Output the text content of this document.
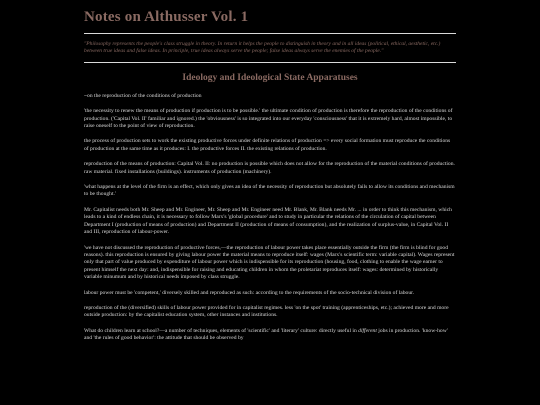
Notes on Althusser Vol. 1

"Philosophy represents the people's class struggle in theory. In return it helps the people to distinguish in theory and in all ideas (political, ethical, aesthetic, etc.) between true ideas and false ideas. In principle, true ideas always serve the people; false ideas always serve the enemies of the people."

Ideology and Ideological State Apparatuses

~on the reproduction of the conditions of production

'the necessity to renew the means of production if production is to be possible.' the ultimate condition of production is therefore the reproduction of the conditions of production. ('Capital Vol. II' familiar and ignored.) the 'obviousness' is so integrated into our everyday 'consciousness' that it is extremely hard, almost impossible, to raise oneself to the point of view of reproduction.

the process of production sets to work the existing productive forces under definite relations of production => every social formation must reproduce the conditions of production at the same time as it produces: I. the productive forces II. the existing relations of production.

reproduction of the means of production: Capital Vol. II: no production is possible which does not allow for the reproduction of the material conditions of production. raw material. fixed installations (buildings). instruments of production (machinery).

'what happens at the level of the firm is an effect, which only gives an idea of the necessity of reproduction but absolutely fails to allow its conditions and mechanism to be thought.'

Mr. Capitalist needs both Mr. Sheep and Mr. Engineer, Mr. Sheep and Mr. Engineer need Mr. Blank, Mr. Blank needs Mr. ... in order to think this mechanism, which leads to a kind of endless chain, it is necessary to follow Marx's 'global procedure' and to study in particular the relations of the circulation of capital between Department I (production of means of production) and Department II (production of means of consumption), and the realization of surplus-value, in Capital Vol. II and III, reproduction of labour-power.

'we have not discussed the reproduction of productive forces,—the reproduction of labour power takes place essentially outside the firm (the firm is blind for good reasons). this reproduction is ensured by giving labour power the material means to reproduce itself: wages (Marx's scientific term: variable capital). Wages represent only that part of value produced by expenditure of labour power which is indispensible for its reproduction (housing, food, clothing to enable the wage earner to present himself the next day: and, indispensible for raising and educating children in whom the proletariat reproduces itself: wages: determined by historically variable minumum and by historical needs imposed by class struggle.

labour power must be 'competent,' diversely skilled and reproduced as such: according to the requirements of the socio-technical division of labour.

reproduction of the (diversified) skills of labour power provided for in capitalist regimes. less 'on the spot' training (apprenticeships, etc.); achieved more and more outside production: by the capitalist education system, other instances and institutions.

What do children learn at school?—a number of techniques, elements of 'scientific' and 'literary' culture: directly useful in different jobs in production. 'know-how' and 'the rules of good behavior': the attitude that should be observed by
